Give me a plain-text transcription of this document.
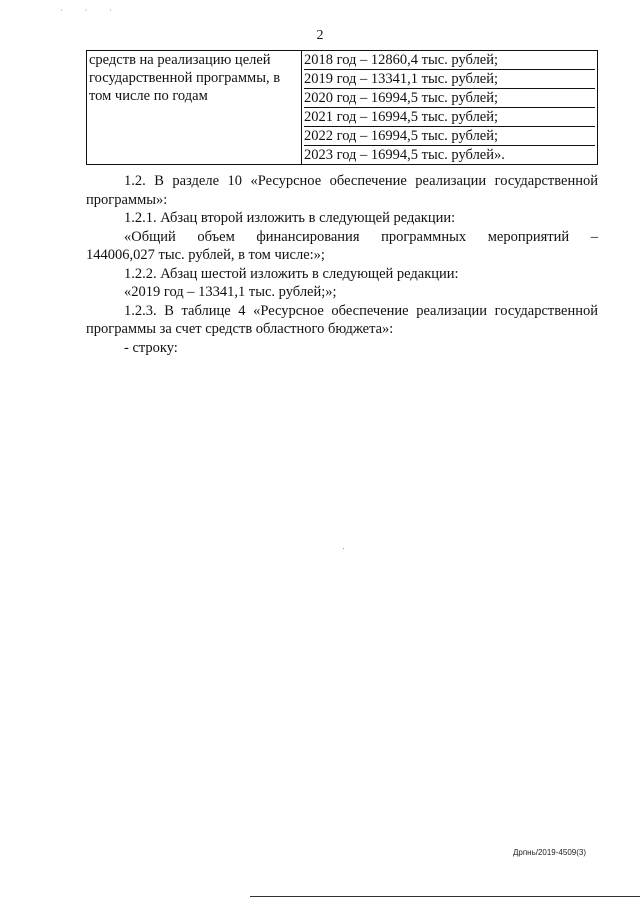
· · ·
2
средств на реализацию целей государственной программы, в том числе по годам	
2018 год – 12860,4 тыс. рублей;
2019 год – 13341,1 тыс. рублей;
2020 год – 16994,5 тыс. рублей;
2021 год – 16994,5 тыс. рублей;
2022 год – 16994,5 тыс. рублей;
2023 год – 16994,5 тыс. рублей».
1.2. В разделе 10 «Ресурсное обеспечение реализации государственной программы»:
1.2.1. Абзац второй изложить в следующей редакции:
«Общий объем финансирования программных мероприятий –
144006,027 тыс. рублей, в том числе:»;
1.2.2. Абзац шестой изложить в следующей редакции:
«2019 год – 13341,1 тыс. рублей;»;
1.2.3. В таблице 4 «Ресурсное обеспечение реализации государственной программы за счет средств областного бюджета»:
- строку:
Дрпнь/2019-4509(3)
